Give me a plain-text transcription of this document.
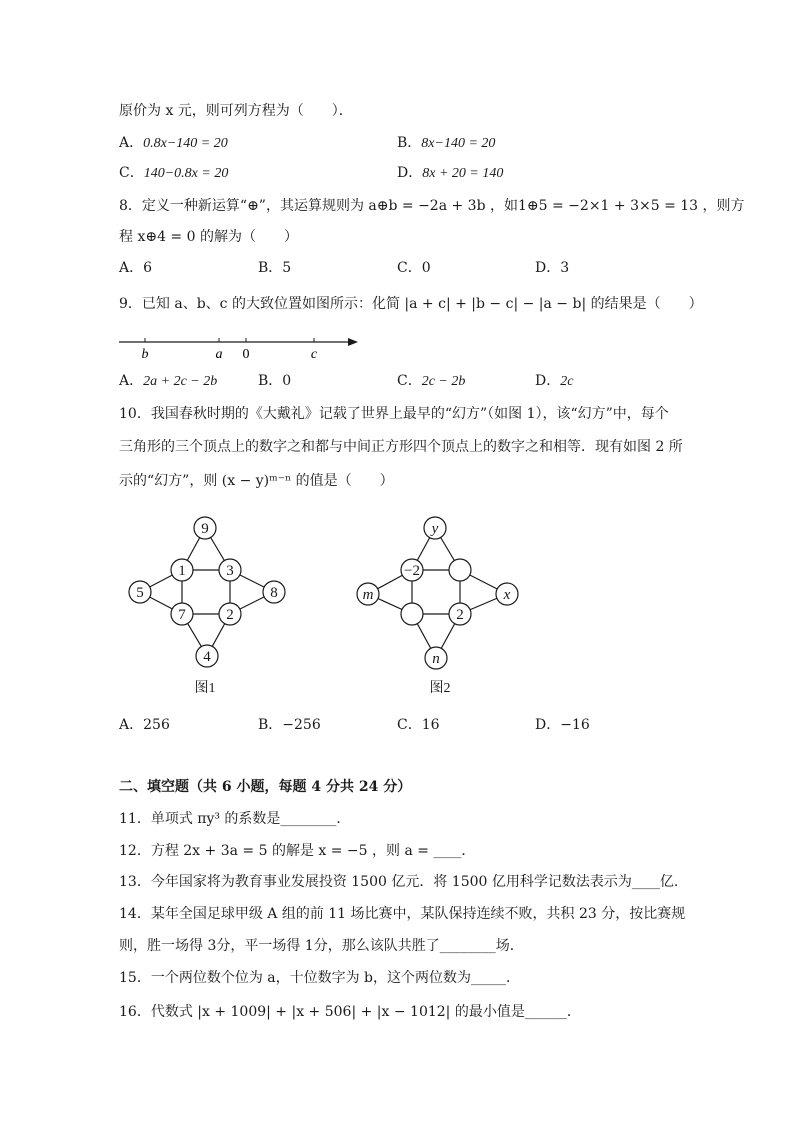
原价为 x 元，则可列方程为（　　）．
A．0.8x−140 = 20	B．8x−140 = 20
C．140−0.8x = 20	D．8x + 20 = 140
8．定义一种新运算“⊕”，其运算规则为 a⊕b = −2a + 3b ，如1⊕5 = −2×1 + 3×5 = 13 ，则方
程 x⊕4 = 0 的解为（　　）
A．6	B．5	C．0	D．3
9．已知 a、b、c 的大致位置如图所示：化简 |a + c| + |b − c| − |a − b| 的结果是（　　）
b	a 0	c
A．2a + 2c − 2b	B．0	C．2c − 2b	D．2c
10．我国春秋时期的《大戴礼》记载了世界上最早的“幻方”（如图 1），该“幻方”中，每个
三角形的三个顶点上的数字之和都与中间正方形四个顶点上的数字之和相等．现有如图 2 所
示的“幻方”，则 (x − y)ᵐ⁻ⁿ 的值是（　　）
9
1	3
5
7	2
8
4
图1
y
−2
m
2
x
n
图2
A．256	B．−256	C．16	D．−16
二、填空题（共 6 小题，每题 4 分共 24 分）
11．单项式 πy³ 的系数是________．
12．方程 2x + 3a = 5 的解是 x = −5 ，则 a = ____．
13．今年国家将为教育事业发展投资 1500 亿元．将 1500 亿用科学记数法表示为____亿.
14．某年全国足球甲级 A 组的前 11 场比赛中，某队保持连续不败，共积 23 分，按比赛规
则，胜一场得 3分，平一场得 1分，那么该队共胜了________场．
15．一个两位数个位为 a，十位数字为 b，这个两位数为_____．
16．代数式 |x + 1009| + |x + 506| + |x − 1012| 的最小值是______．
